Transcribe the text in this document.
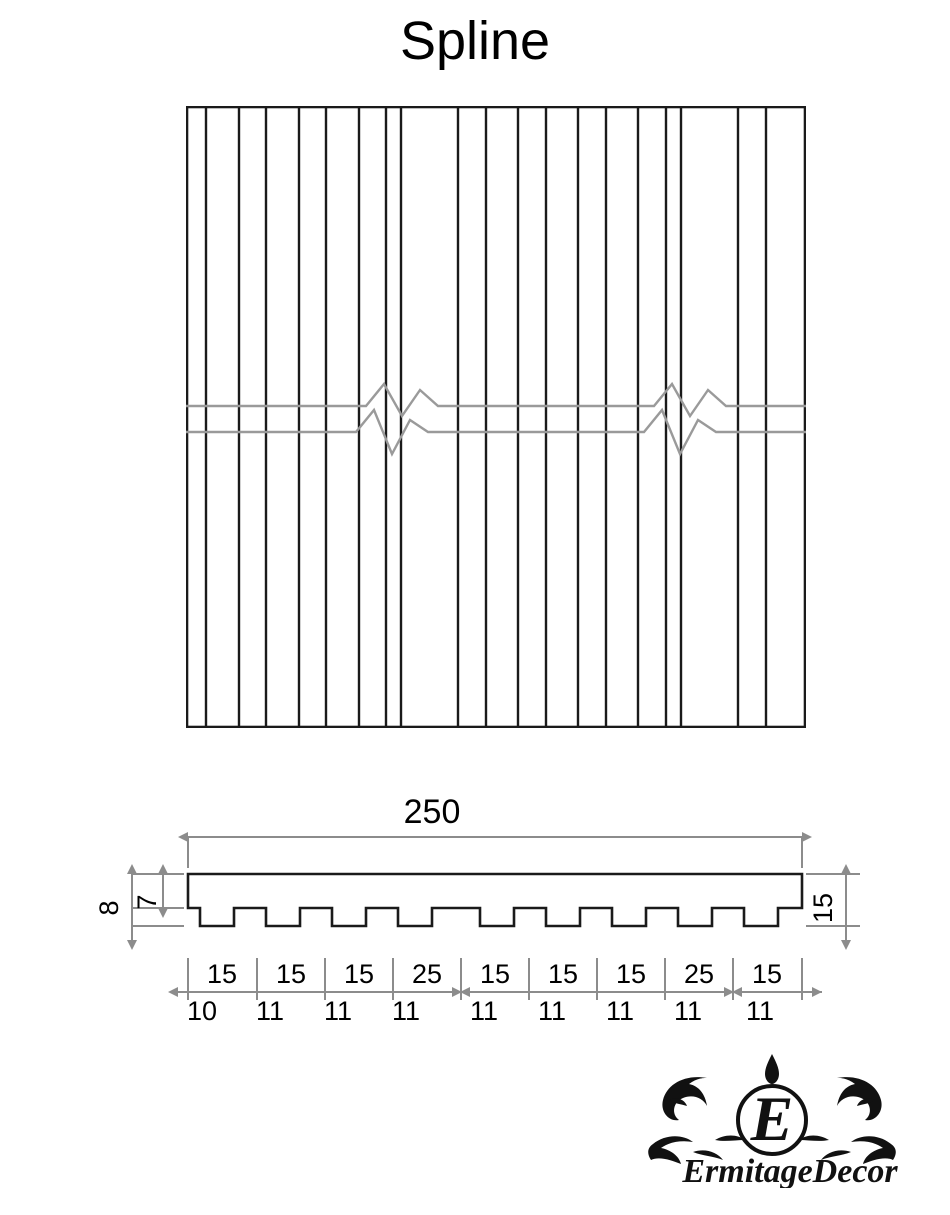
Spline
250
7
8	15
15 15 15 25 15 15 15 25 15
10 11 11 11 11 11 11 11 11
E
ErmitageDecor
